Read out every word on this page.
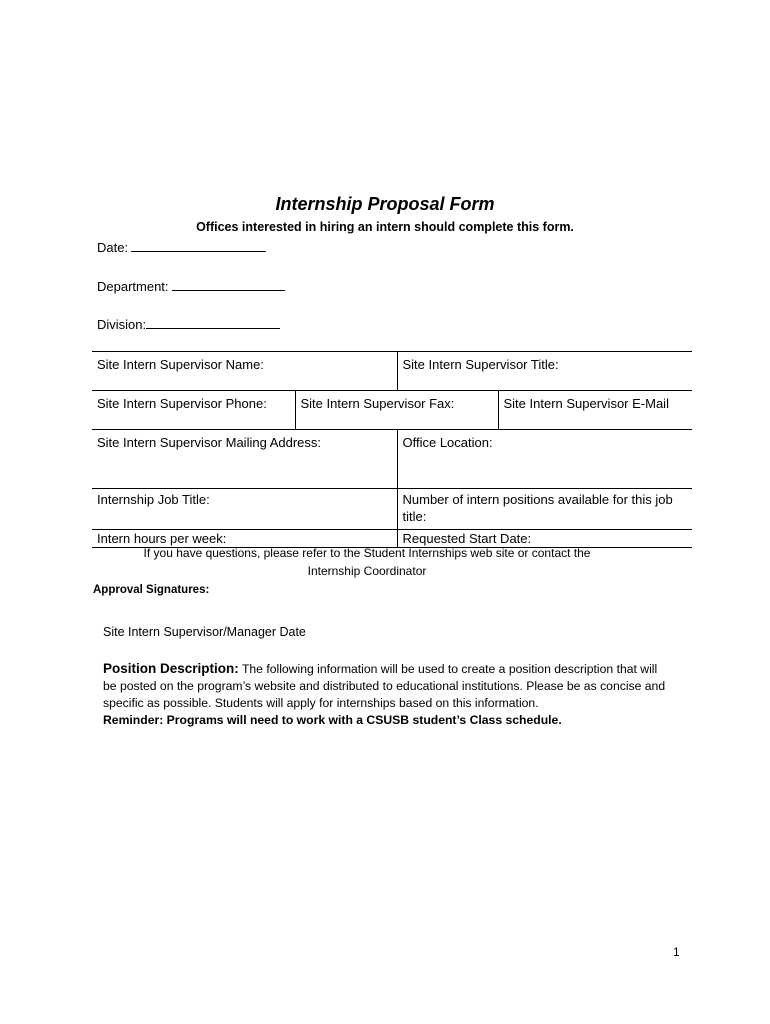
Internship Proposal Form
Offices interested in hiring an intern should complete this form.
Date:
Department:
Division:
Site Intern Supervisor Name:		Site Intern Supervisor Title:	
Site Intern Supervisor Phone:	Site Intern Supervisor Fax:		Site Intern Supervisor E-Mail
Site Intern Supervisor Mailing Address:		Office Location:	
Internship Job Title:		Number of intern positions available for this job title:	
Intern hours per week:		Requested Start Date:	
If you have questions, please refer to the Student Internships web site or contact the
Internship Coordinator
Approval Signatures:
Site Intern Supervisor/Manager Date
Position Description: The following information will be used to create a position description that will be posted on the program’s website and distributed to educational institutions. Please be as concise and specific as possible. Students will apply for internships based on this information.
Reminder: Programs will need to work with a CSUSB student’s Class schedule.
1
